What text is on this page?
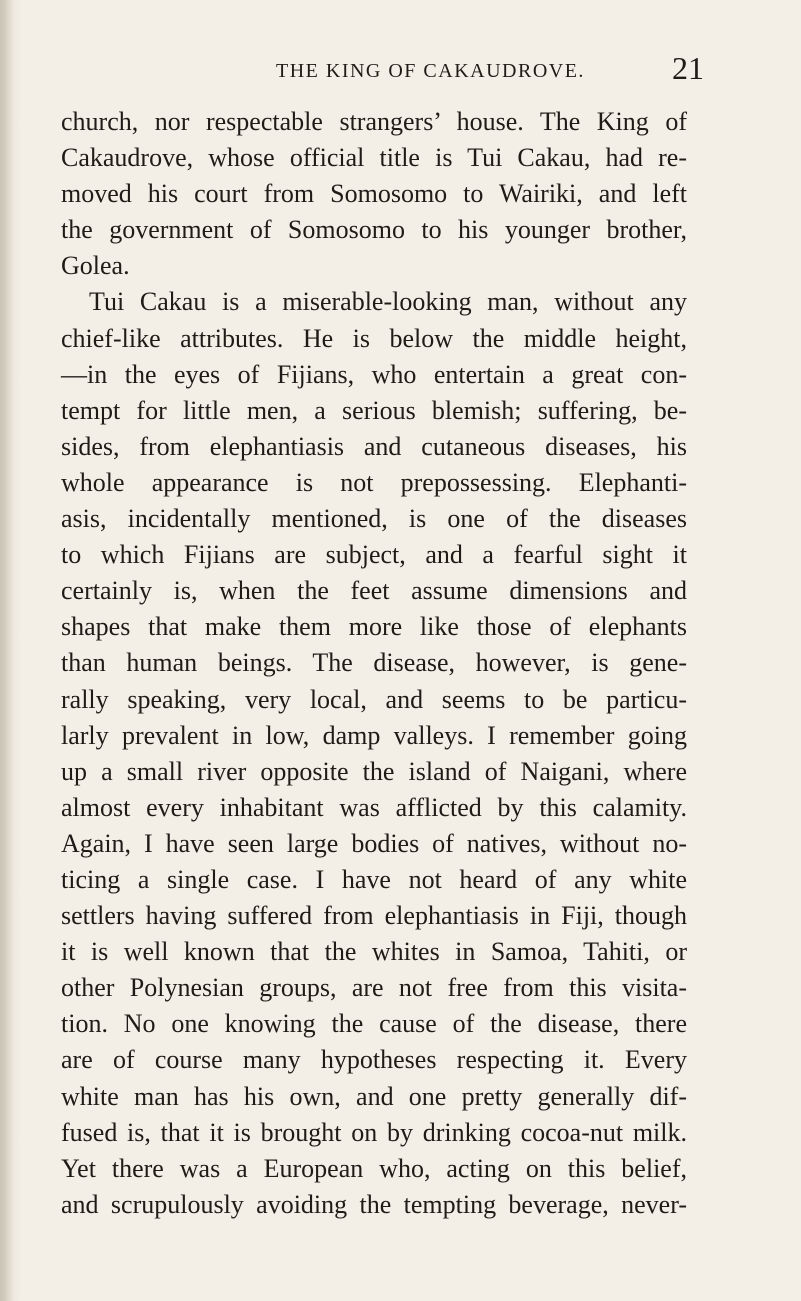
THE KING OF CAKAUDROVE.	21
church, nor respectable strangers’ house. The King of
Cakaudrove, whose official title is Tui Cakau, had re-
moved his court from Somosomo to Wairiki, and left
the government of Somosomo to his younger brother,
Golea.
Tui Cakau is a miserable-looking man, without any
chief-like attributes. He is below the middle height,
—in the eyes of Fijians, who entertain a great con-
tempt for little men, a serious blemish; suffering, be-
sides, from elephantiasis and cutaneous diseases, his
whole appearance is not prepossessing. Elephanti-
asis, incidentally mentioned, is one of the diseases
to which Fijians are subject, and a fearful sight it
certainly is, when the feet assume dimensions and
shapes that make them more like those of elephants
than human beings. The disease, however, is gene-
rally speaking, very local, and seems to be particu-
larly prevalent in low, damp valleys. I remember going
up a small river opposite the island of Naigani, where
almost every inhabitant was afflicted by this calamity.
Again, I have seen large bodies of natives, without no-
ticing a single case. I have not heard of any white
settlers having suffered from elephantiasis in Fiji, though
it is well known that the whites in Samoa, Tahiti, or
other Polynesian groups, are not free from this visita-
tion. No one knowing the cause of the disease, there
are of course many hypotheses respecting it. Every
white man has his own, and one pretty generally dif-
fused is, that it is brought on by drinking cocoa-nut milk.
Yet there was a European who, acting on this belief,
and scrupulously avoiding the tempting beverage, never-
